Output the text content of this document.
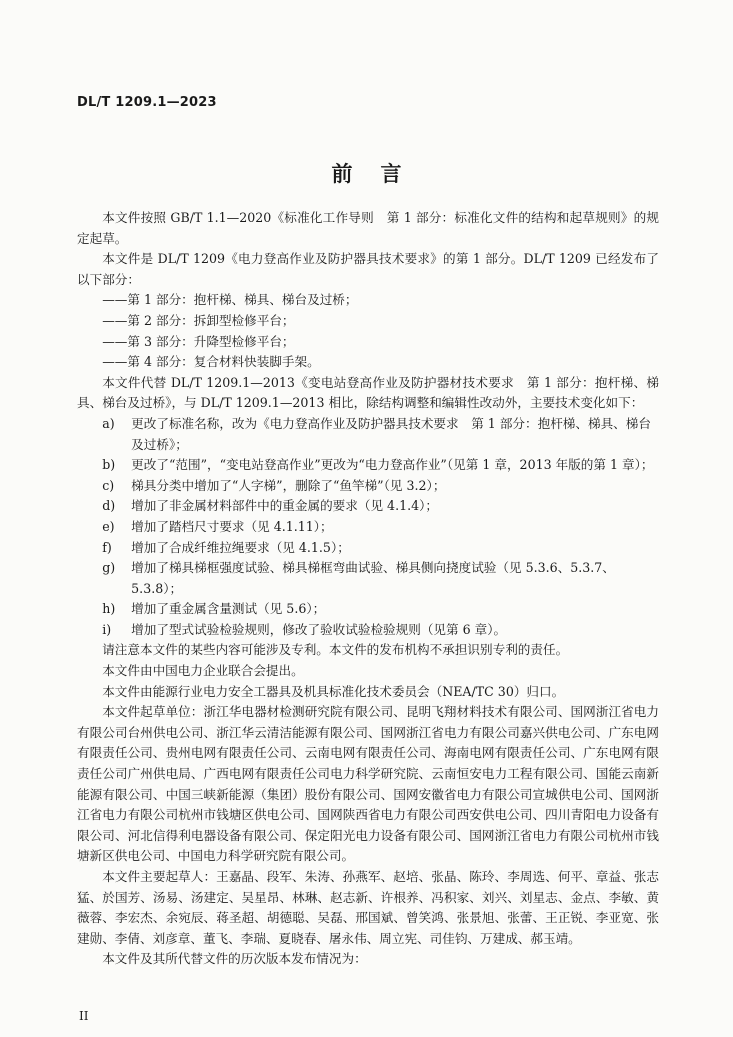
DL/T 1209.1—2023
前言

本文件按照 GB/T 1.1—2020《标准化工作导则　第 1 部分：标准化文件的结构和起草规则》的规定起草。

本文件是 DL/T 1209《电力登高作业及防护器具技术要求》的第 1 部分。DL/T 1209 已经发布了以下部分：

——第 1 部分：抱杆梯、梯具、梯台及过桥；

——第 2 部分：拆卸型检修平台；

——第 3 部分：升降型检修平台；

——第 4 部分：复合材料快装脚手架。

本文件代替 DL/T 1209.1—2013《变电站登高作业及防护器材技术要求　第 1 部分：抱杆梯、梯具、梯台及过桥》，与 DL/T 1209.1—2013 相比，除结构调整和编辑性改动外，主要技术变化如下：

a) 更改了标准名称，改为《电力登高作业及防护器具技术要求　第 1 部分：抱杆梯、梯具、梯台及过桥》；

b) 更改了“范围”，“变电站登高作业”更改为“电力登高作业”（见第 1 章，2013 年版的第 1 章）；

c) 梯具分类中增加了“人字梯”，删除了“鱼竿梯”（见 3.2）；

d) 增加了非金属材料部件中的重金属的要求（见 4.1.4）；

e) 增加了踏档尺寸要求（见 4.1.11）；

f) 增加了合成纤维拉绳要求（见 4.1.5）；

g) 增加了梯具梯框强度试验、梯具梯框弯曲试验、梯具侧向挠度试验（见 5.3.6、5.3.7、5.3.8）；

h) 增加了重金属含量测试（见 5.6）；

i) 增加了型式试验检验规则，修改了验收试验检验规则（见第 6 章）。

请注意本文件的某些内容可能涉及专利。本文件的发布机构不承担识别专利的责任。

本文件由中国电力企业联合会提出。

本文件由能源行业电力安全工器具及机具标准化技术委员会（NEA/TC 30）归口。

本文件起草单位：浙江华电器材检测研究院有限公司、昆明飞翔材料技术有限公司、国网浙江省电力有限公司台州供电公司、浙江华云清洁能源有限公司、国网浙江省电力有限公司嘉兴供电公司、广东电网有限责任公司、贵州电网有限责任公司、云南电网有限责任公司、海南电网有限责任公司、广东电网有限责任公司广州供电局、广西电网有限责任公司电力科学研究院、云南恒安电力工程有限公司、国能云南新能源有限公司、中国三峡新能源（集团）股份有限公司、国网安徽省电力有限公司宣城供电公司、国网浙江省电力有限公司杭州市钱塘区供电公司、国网陕西省电力有限公司西安供电公司、四川青阳电力设备有限公司、河北信得利电器设备有限公司、保定阳光电力设备有限公司、国网浙江省电力有限公司杭州市钱塘新区供电公司、中国电力科学研究院有限公司。

本文件主要起草人：王嘉晶、段军、朱涛、孙燕军、赵培、张晶、陈玲、李周选、何平、章益、张志猛、於国芳、汤易、汤建定、吴星昂、林琳、赵志新、许根养、冯积家、刘兴、刘星志、金点、李敏、黄薇蓉、李宏杰、余宛辰、蒋圣超、胡德聪、吴磊、邢国斌、曾笑鸿、张景旭、张蕾、王正锐、李亚宽、张建勋、李倩、刘彦章、董飞、李瑞、夏晓春、屠永伟、周立宪、司佳钧、万建成、郝玉靖。

本文件及其所代替文件的历次版本发布情况为：

II
